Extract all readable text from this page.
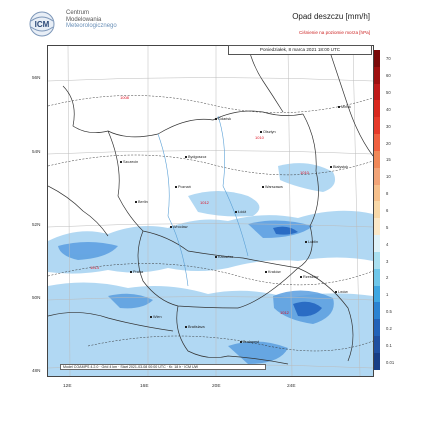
ICM
Centrum
Modelowania
Meteorologicznego
Opad deszczu [mm/h]
Ciśnienie na poziomie morza [hPa]
Poniedziałek, 8 marca 2021 18:00 UTC
1008
1010
1012
1014
1010
1012
Gdańsk
Olsztyn
Szczecin
Bydgoszcz
Białystok
Poznań	Warszawa
Łódź
Lublin
Wrocław
Katowice
Kraków
Rzeszów
Praha
Berlin
Wien
Budapest
Bratislava
Lwów
Mińsk
56N
54N
52N
50N
48N
12E	16E	20E	24E
70
60
50
40
30
20
15
10
8
6
5
4
3
2
1
0.5
0.2
0.1
0.01
Model COAMPS 4.2.0 · Grid 4 km · Start 2021-03-08 00:00 UTC · Kr. 18 h · ICM UW
